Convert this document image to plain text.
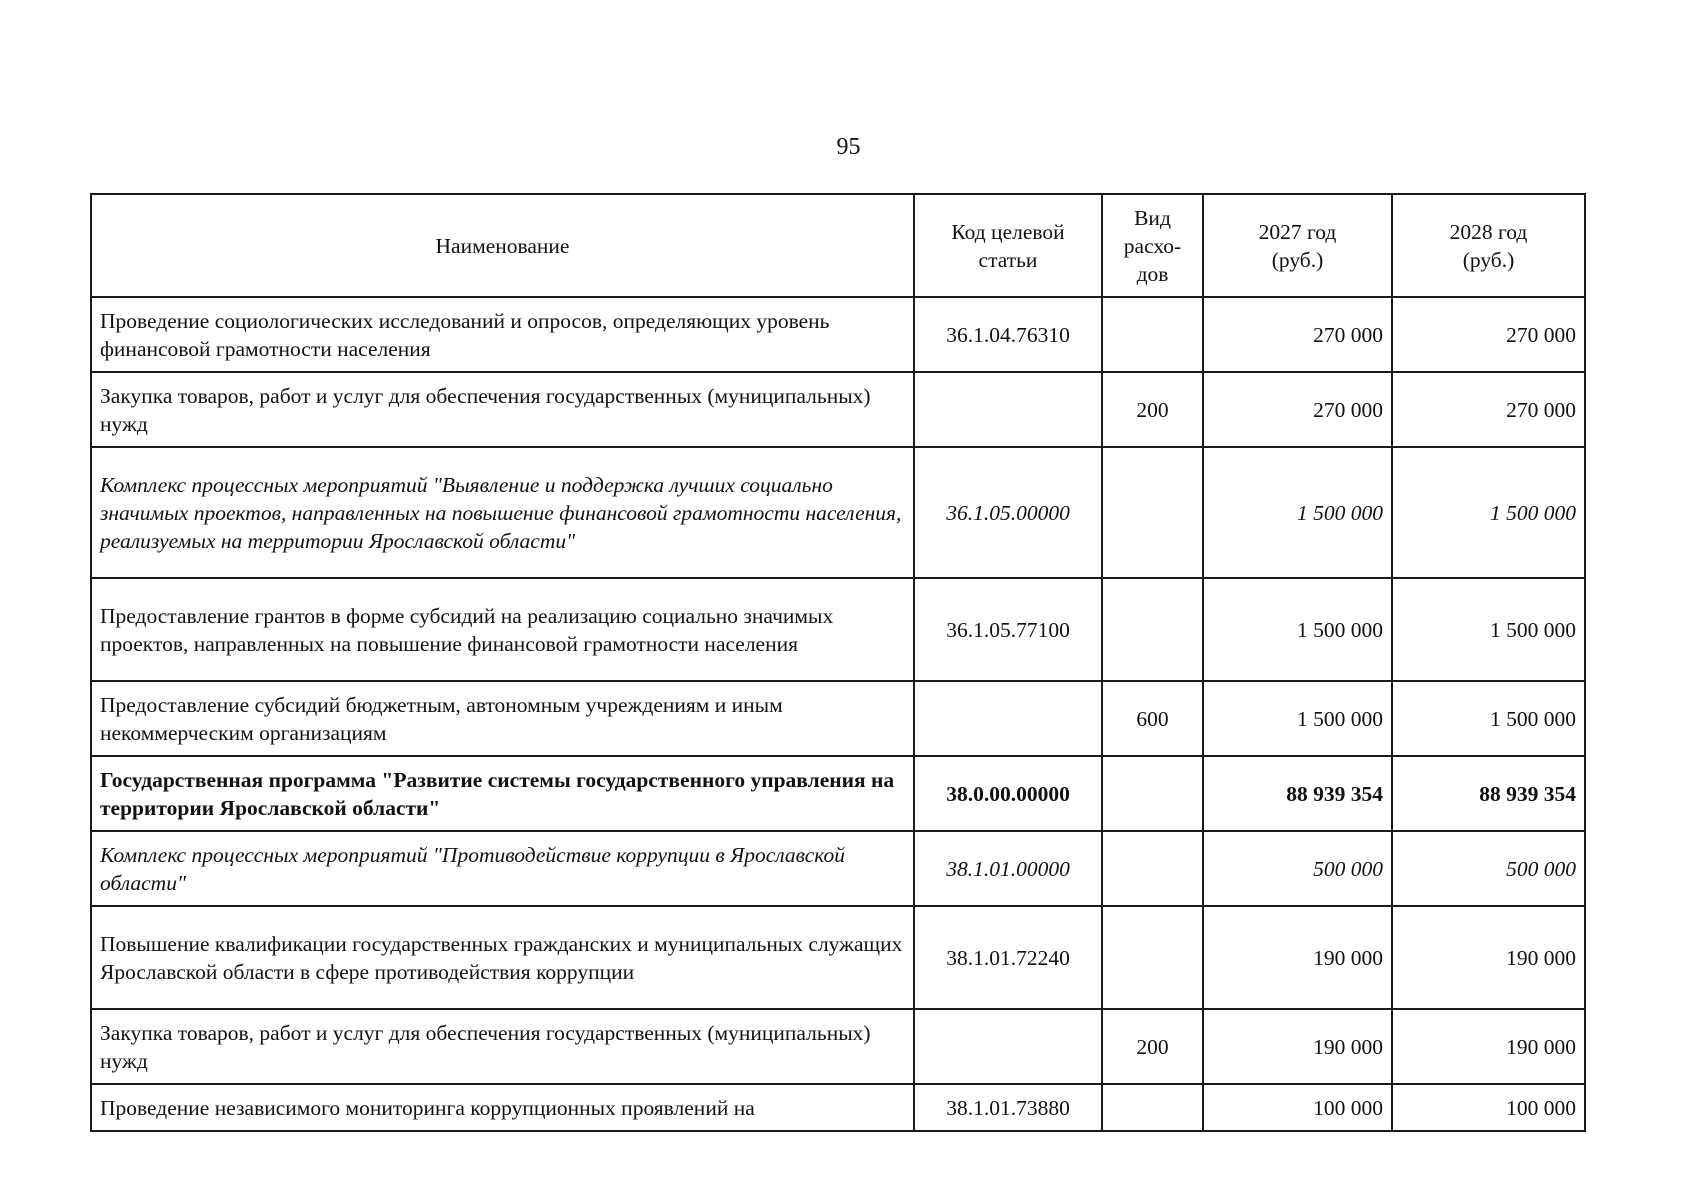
95
Наименование	Код целевой статьи	Вид расхо-дов	2027 год (руб.)	2028 год (руб.)
Проведение социологических исследований и опросов, определяющих уровень финансовой грамотности населения	36.1.04.76310		270 000	270 000
Закупка товаров, работ и услуг для обеспечения государственных (муниципальных) нужд		200	270 000	270 000
Комплекс процессных мероприятий "Выявление и поддержка лучших социально значимых проектов, направленных на повышение финансовой грамотности населения, реализуемых на территории Ярославской области"	36.1.05.00000		1 500 000	1 500 000
Предоставление грантов в форме субсидий на реализацию социально значимых проектов, направленных на повышение финансовой грамотности населения	36.1.05.77100		1 500 000	1 500 000
Предоставление субсидий бюджетным, автономным учреждениям и иным некоммерческим организациям		600	1 500 000	1 500 000
Государственная программа "Развитие системы государственного управления на территории Ярославской области"	38.0.00.00000		88 939 354	88 939 354
Комплекс процессных мероприятий "Противодействие коррупции в Ярославской области"	38.1.01.00000		500 000	500 000
Повышение квалификации государственных гражданских и муниципальных служащих Ярославской области в сфере противодействия коррупции	38.1.01.72240		190 000	190 000
Закупка товаров, работ и услуг для обеспечения государственных (муниципальных) нужд		200	190 000	190 000
Проведение независимого мониторинга коррупционных проявлений на	38.1.01.73880		100 000	100 000
